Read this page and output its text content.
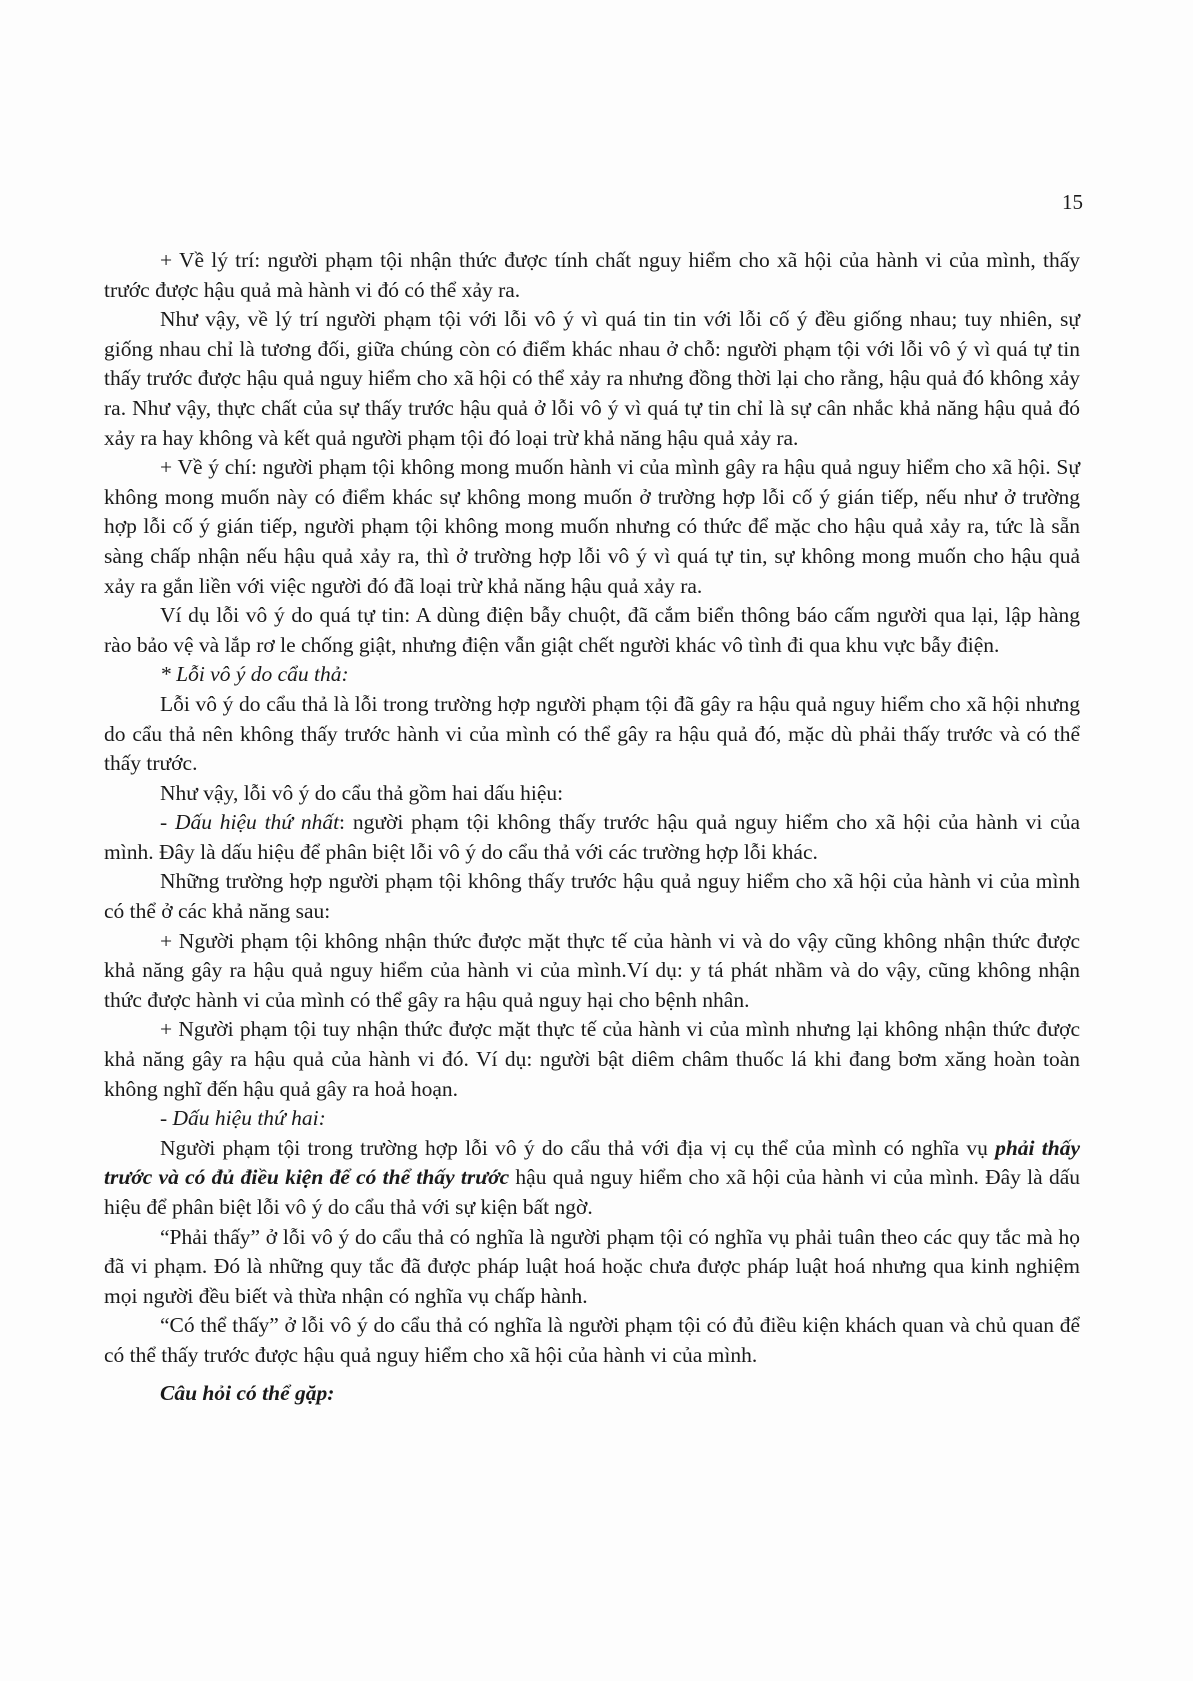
15

+ Về lý trí: người phạm tội nhận thức được tính chất nguy hiểm cho xã hội của hành vi của mình, thấy trước được hậu quả mà hành vi đó có thể xảy ra.

Như vậy, về lý trí người phạm tội với lỗi vô ý vì quá tin tin với lỗi cố ý đều giống nhau; tuy nhiên, sự giống nhau chỉ là tương đối, giữa chúng còn có điểm khác nhau ở chỗ: người phạm tội với lỗi vô ý vì quá tự tin thấy trước được hậu quả nguy hiểm cho xã hội có thể xảy ra nhưng đồng thời lại cho rằng, hậu quả đó không xảy ra. Như vậy, thực chất của sự thấy trước hậu quả ở lỗi vô ý vì quá tự tin chỉ là sự cân nhắc khả năng hậu quả đó xảy ra hay không và kết quả người phạm tội đó loại trừ khả năng hậu quả xảy ra.

+ Về ý chí: người phạm tội không mong muốn hành vi của mình gây ra hậu quả nguy hiểm cho xã hội. Sự không mong muốn này có điểm khác sự không mong muốn ở trường hợp lỗi cố ý gián tiếp, nếu như ở trường hợp lỗi cố ý gián tiếp, người phạm tội không mong muốn nhưng có thức để mặc cho hậu quả xảy ra, tức là sẵn sàng chấp nhận nếu hậu quả xảy ra, thì ở trường hợp lỗi vô ý vì quá tự tin, sự không mong muốn cho hậu quả xảy ra gắn liền với việc người đó đã loại trừ khả năng hậu quả xảy ra.

Ví dụ lỗi vô ý do quá tự tin: A dùng điện bẫy chuột, đã cắm biển thông báo cấm người qua lại, lập hàng rào bảo vệ và lắp rơ le chống giật, nhưng điện vẫn giật chết người khác vô tình đi qua khu vực bẫy điện.

* Lỗi vô ý do cẩu thả:

Lỗi vô ý do cẩu thả là lỗi trong trường hợp người phạm tội đã gây ra hậu quả nguy hiểm cho xã hội nhưng do cẩu thả nên không thấy trước hành vi của mình có thể gây ra hậu quả đó, mặc dù phải thấy trước và có thể thấy trước.

Như vậy, lỗi vô ý do cẩu thả gồm hai dấu hiệu:

- Dấu hiệu thứ nhất: người phạm tội không thấy trước hậu quả nguy hiểm cho xã hội của hành vi của mình. Đây là dấu hiệu để phân biệt lỗi vô ý do cẩu thả với các trường hợp lỗi khác.

Những trường hợp người phạm tội không thấy trước hậu quả nguy hiểm cho xã hội của hành vi của mình có thể ở các khả năng sau:

+ Người phạm tội không nhận thức được mặt thực tế của hành vi và do vậy cũng không nhận thức được khả năng gây ra hậu quả nguy hiểm của hành vi của mình.Ví dụ: y tá phát nhầm và do vậy, cũng không nhận thức được hành vi của mình có thể gây ra hậu quả nguy hại cho bệnh nhân.

+ Người phạm tội tuy nhận thức được mặt thực tế của hành vi của mình nhưng lại không nhận thức được khả năng gây ra hậu quả của hành vi đó. Ví dụ: người bật diêm châm thuốc lá khi đang bơm xăng hoàn toàn không nghĩ đến hậu quả gây ra hoả hoạn.

- Dấu hiệu thứ hai:

Người phạm tội trong trường hợp lỗi vô ý do cẩu thả với địa vị cụ thể của mình có nghĩa vụ phải thấy trước và có đủ điều kiện để có thể thấy trước hậu quả nguy hiểm cho xã hội của hành vi của mình. Đây là dấu hiệu để phân biệt lỗi vô ý do cẩu thả với sự kiện bất ngờ.

“Phải thấy” ở lỗi vô ý do cẩu thả có nghĩa là người phạm tội có nghĩa vụ phải tuân theo các quy tắc mà họ đã vi phạm. Đó là những quy tắc đã được pháp luật hoá hoặc chưa được pháp luật hoá nhưng qua kinh nghiệm mọi người đều biết và thừa nhận có nghĩa vụ chấp hành.

“Có thể thấy” ở lỗi vô ý do cẩu thả có nghĩa là người phạm tội có đủ điều kiện khách quan và chủ quan để có thể thấy trước được hậu quả nguy hiểm cho xã hội của hành vi của mình.

Câu hỏi có thể gặp:
